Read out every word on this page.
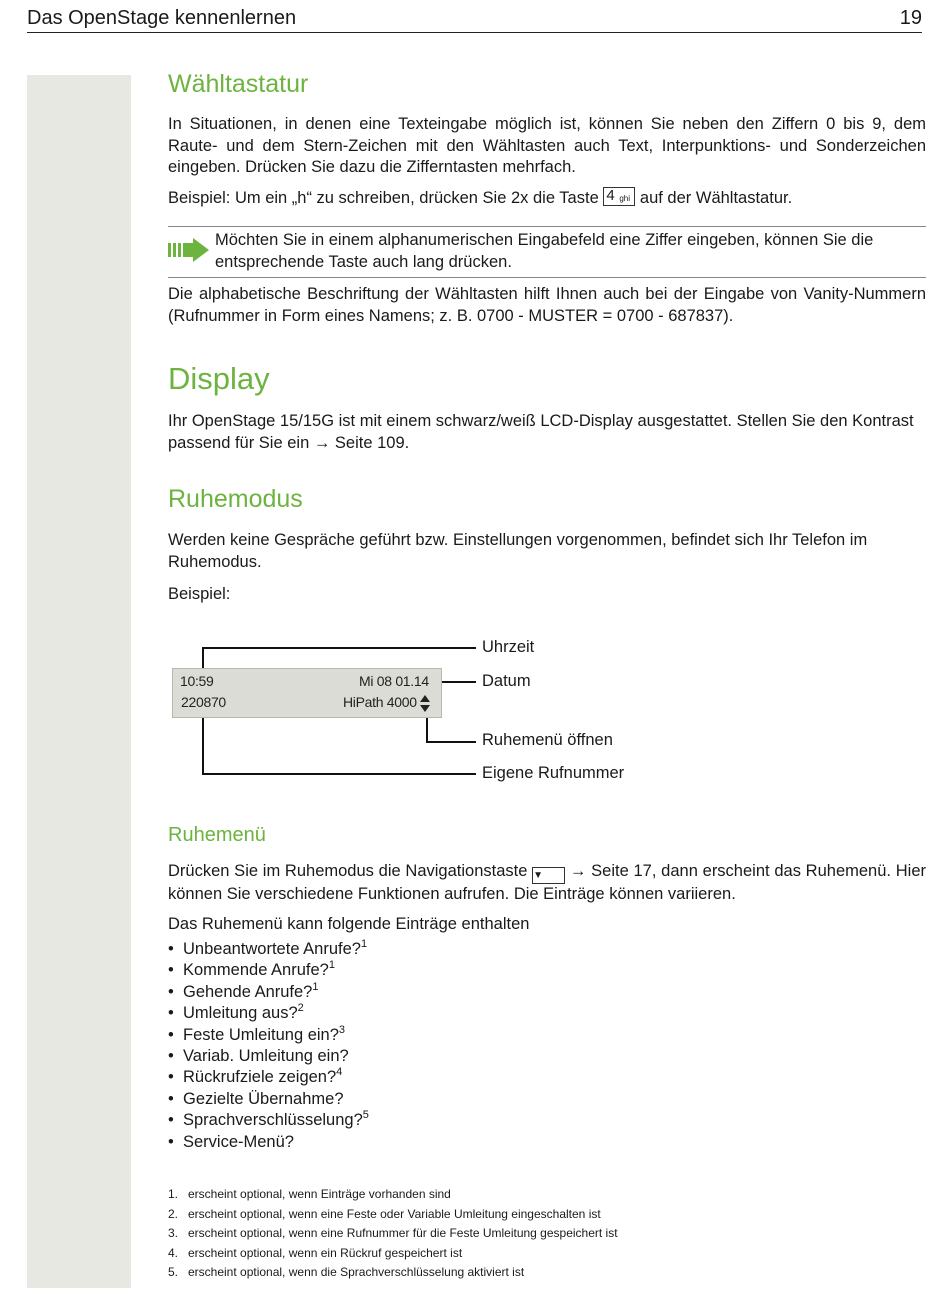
Das OpenStage kennenlernen	19
Wähltastatur

In Situationen, in denen eine Texteingabe möglich ist, können Sie neben den Ziffern 0 bis 9, dem Raute- und dem Stern-Zeichen mit den Wähltasten auch Text, Interpunktions- und Sonderzeichen eingeben. Drücken Sie dazu die Zifferntasten mehrfach.

Beispiel: Um ein „h“ zu schreiben, drücken Sie 2x die Taste 4 ghi auf der Wähltastatur.

Möchten Sie in einem alphanumerischen Eingabefeld eine Ziffer eingeben, können Sie die entsprechende Taste auch lang drücken.

Die alphabetische Beschriftung der Wähltasten hilft Ihnen auch bei der Eingabe von Vanity-Nummern (Rufnummer in Form eines Namens; z. B. 0700 - MUSTER = 0700 - 687837).

Display

Ihr OpenStage 15/15G ist mit einem schwarz/weiß LCD-Display ausgestattet. Stellen Sie den Kontrast passend für Sie ein → Seite 109.

Ruhemodus

Werden keine Gespräche geführt bzw. Einstellungen vorgenommen, befindet sich Ihr Telefon im Ruhemodus.

Beispiel:

10:59	Mi 08 01.14
220870	HiPath 4000
Uhrzeit
Datum
Ruhemenü öffnen
Eigene Rufnummer
Ruhemenü

Drücken Sie im Ruhemodus die Navigationstaste ▼ → Seite 17, dann erscheint das Ruhemenü. Hier können Sie verschiedene Funktionen aufrufen. Die Einträge können variieren.

Das Ruhemenü kann folgende Einträge enthalten

• Unbeantwortete Anrufe?$^1$
• Kommende Anrufe?$^1$
• Gehende Anrufe?$^1$
• Umleitung aus?$^2$
• Feste Umleitung ein?$^3$
• Variab. Umleitung ein?
• Rückrufziele zeigen?$^4$
• Gezielte Übernahme?
• Sprachverschlüsselung?$^5$
• Service-Menü?
1. erscheint optional, wenn Einträge vorhanden sind
2. erscheint optional, wenn eine Feste oder Variable Umleitung eingeschalten ist
3. erscheint optional, wenn eine Rufnummer für die Feste Umleitung gespeichert ist
4. erscheint optional, wenn ein Rückruf gespeichert ist
5. erscheint optional, wenn die Sprachverschlüsselung aktiviert ist
